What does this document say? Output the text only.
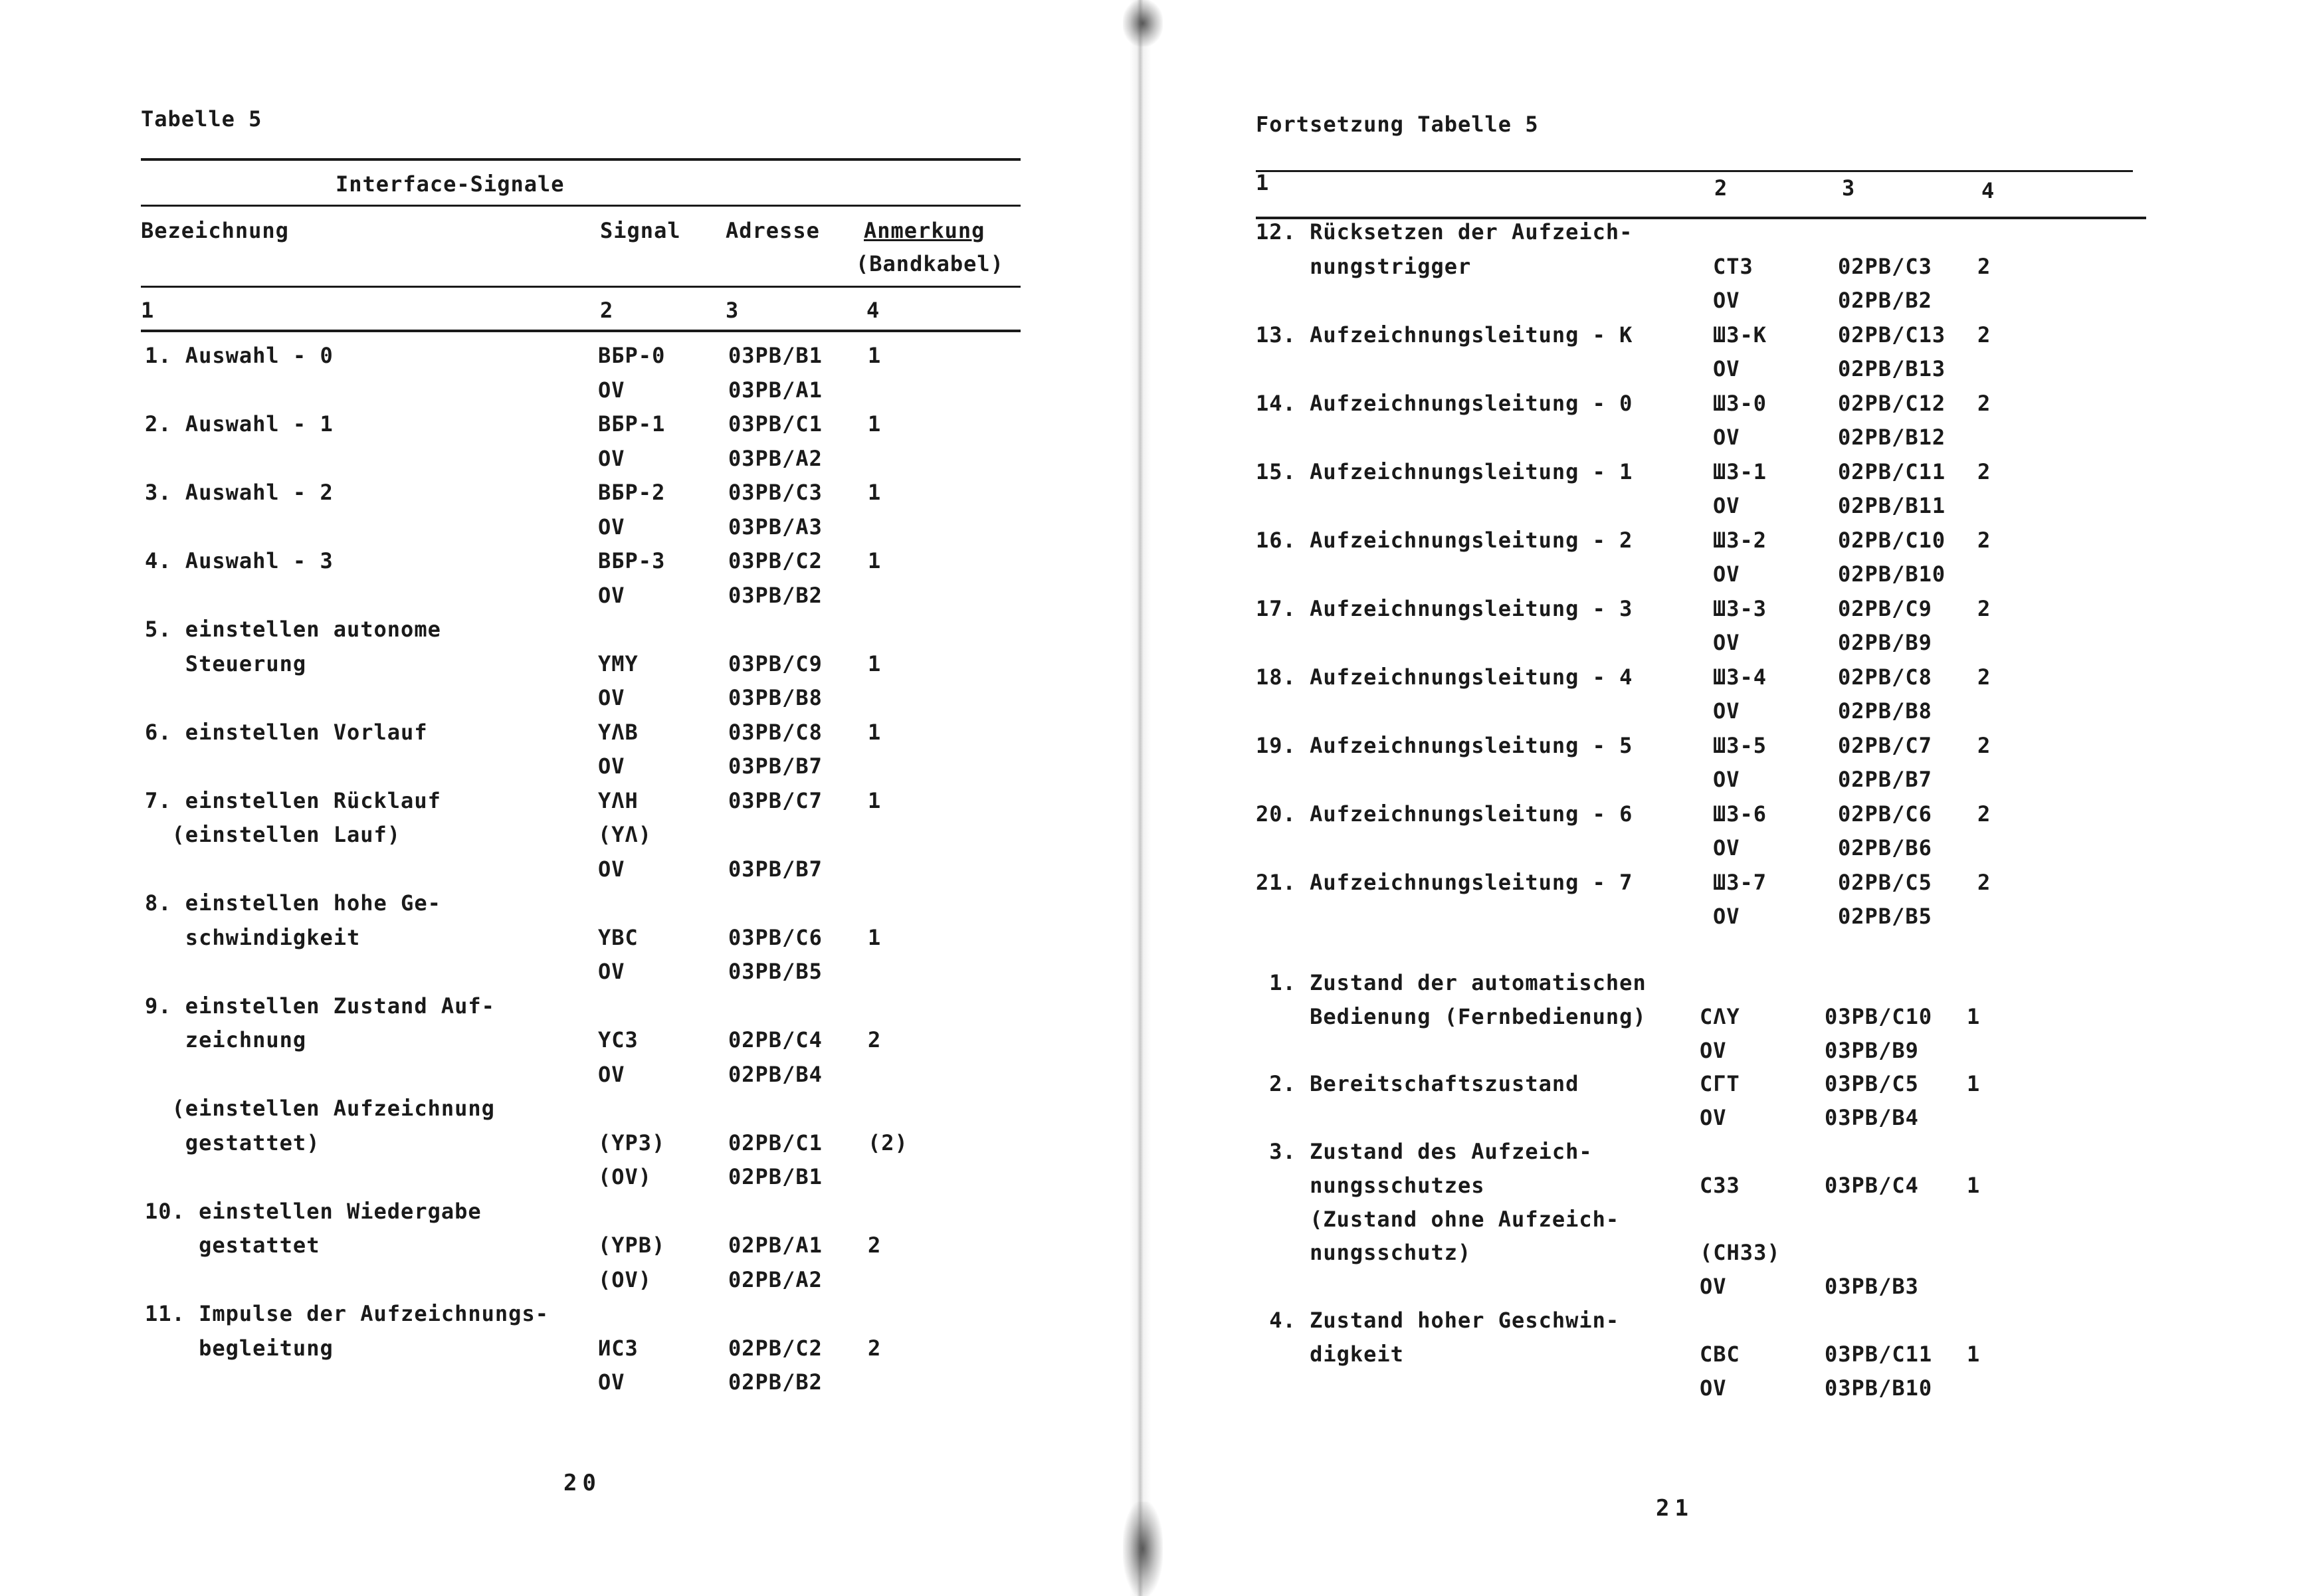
Tabelle 5
Interface-Signale
Bezeichnung	Signal Adresse Anmerkung
(Bandkabel)
1	2	3	4
1. Auswahl - 0	BБP-0	03PB/B1 1
OV	03PB/A1
2. Auswahl - 1	BБP-1	03PB/C1 1
OV	03PB/A2
3. Auswahl - 2	BБP-2	03PB/C3 1
OV	03PB/A3
4. Auswahl - 3	BБP-3	03PB/C2 1
OV	03PB/B2
5. einstellen autonome
Steuerung	YMY	03PB/C9 1
OV	03PB/B8
6. einstellen Vorlauf	YΛB	03PB/C8 1
OV	03PB/B7
7. einstellen Rücklauf	YΛH	03PB/C7 1
(einstellen Lauf)	(YΛ)
OV	03PB/B7
8. einstellen hohe Ge-
schwindigkeit	YBC	03PB/C6 1
OV	03PB/B5
9. einstellen Zustand Auf-
zeichnung	YC3	02PB/C4 2
OV	02PB/B4
(einstellen Aufzeichnung
gestattet)	(YP3)	02PB/C1 (2)
(OV)	02PB/B1
10. einstellen Wiedergabe
gestattet	(YPB)	02PB/A1 2
(OV)	02PB/A2
11. Impulse der Aufzeichnungs-
begleitung	ИC3	02PB/C2 2
OV	02PB/B2
20
Fortsetzung Tabelle 5
1	2	3	4
12. Rücksetzen der Aufzeich-
nungstrigger	CT3	02PB/C3 2
OV	02PB/B2
13. Aufzeichnungsleitung - K	Ш3-K	02PB/C13 2
OV	02PB/B13
14. Aufzeichnungsleitung - 0	Ш3-0	02PB/C12 2
OV	02PB/B12
15. Aufzeichnungsleitung - 1	Ш3-1	02PB/C11 2
OV	02PB/B11
16. Aufzeichnungsleitung - 2	Ш3-2	02PB/C10 2
OV	02PB/B10
17. Aufzeichnungsleitung - 3	Ш3-3	02PB/C9 2
OV	02PB/B9
18. Aufzeichnungsleitung - 4	Ш3-4	02PB/C8 2
OV	02PB/B8
19. Aufzeichnungsleitung - 5	Ш3-5	02PB/C7 2
OV	02PB/B7
20. Aufzeichnungsleitung - 6	Ш3-6	02PB/C6 2
OV	02PB/B6
21. Aufzeichnungsleitung - 7	Ш3-7	02PB/C5 2
OV	02PB/B5
1. Zustand der automatischen
Bedienung (Fernbedienung)	CΛY	03PB/C10 1
OV	03PB/B9
2. Bereitschaftszustand	CΓT	03PB/C5 1
OV	03PB/B4
3. Zustand des Aufzeich-
nungsschutzes	C33	03PB/C4 1
(Zustand ohne Aufzeich-
nungsschutz)	(CH33)
OV	03PB/B3
4. Zustand hoher Geschwin-
digkeit	CBC	03PB/C11 1
OV	03PB/B10
21
